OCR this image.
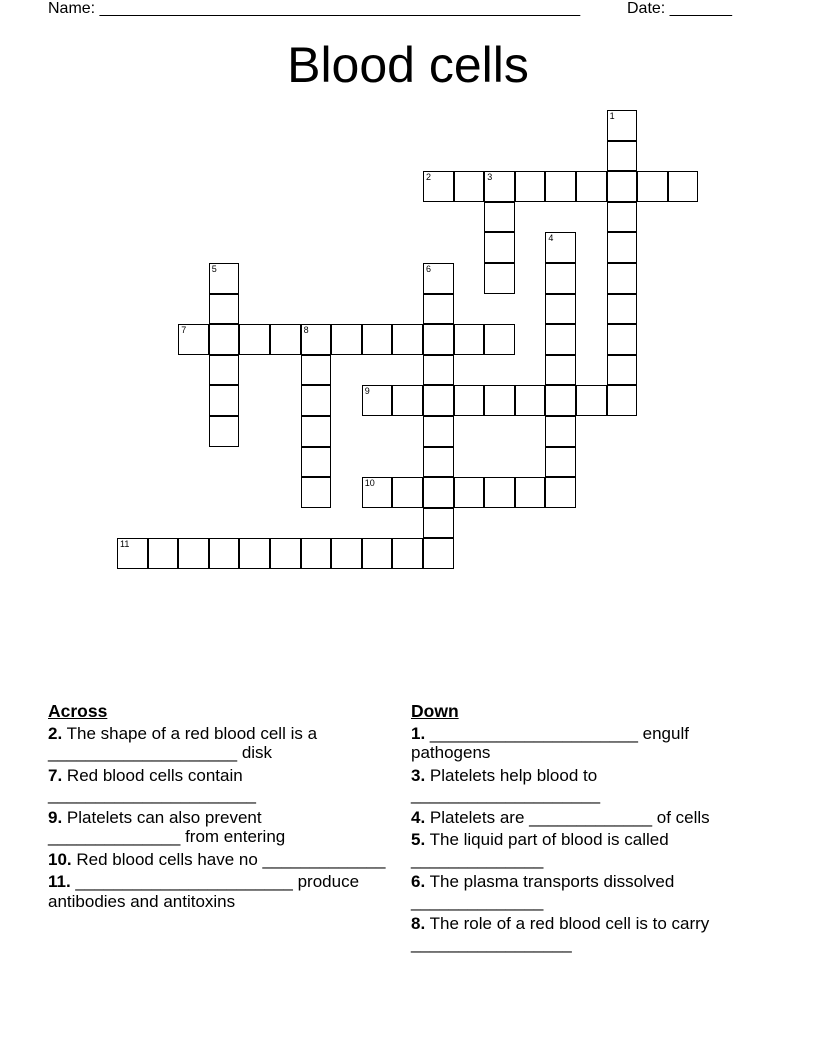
Name: ______________________________________________________	Date: _______
Blood cells
1
2	3
4
5	6
7	8
9
10
11
Across
2. The shape of a red blood cell is a ____________________ disk
7. Red blood cells contain ______________________
9. Platelets can also prevent ______________ from entering
10. Red blood cells have no _____________
11. _______________________ produce antibodies and antitoxins
Down
1. ______________________ engulf pathogens
3. Platelets help blood to ____________________
4. Platelets are _____________ of cells
5. The liquid part of blood is called ______________
6. The plasma transports dissolved ______________
8. The role of a red blood cell is to carry _________________
